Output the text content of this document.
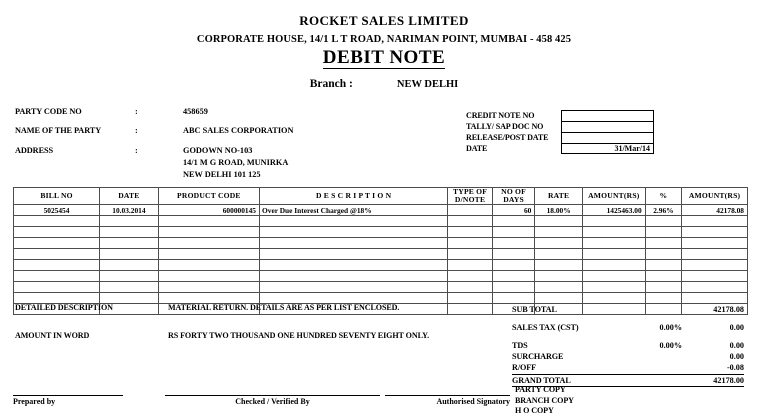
ROCKET SALES LIMITED
CORPORATE HOUSE, 14/1 L T ROAD, NARIMAN POINT, MUMBAI - 458 425
DEBIT NOTE
Branch :	NEW DELHI
PARTY CODE NO	:	458659
NAME OF THE PARTY	:	ABC SALES CORPORATION
ADDRESS	:	GODOWN NO-103
14/1 M G ROAD, MUNIRKA
NEW DELHI 101 125
CREDIT NOTE NO
TALLY/ SAP DOC NO
RELEASE/POST DATE
DATE	31/Mar/14
BILL NO	DATE	PRODUCT CODE	D E S C R I P T I O N	TYPE OF D/NOTE	NO OF DAYS	RATE	AMOUNT(RS)	%	AMOUNT(RS)
5025454	10.03.2014	600000145	Over Due Interest Charged @18%		60	18.00%	1425463.00	2.96%	42178.08

DETAILED DESCRIPTION	MATERIAL RETURN. DETAILS ARE AS PER LIST ENCLOSED.
AMOUNT IN WORD	RS FORTY TWO THOUSAND ONE HUNDRED SEVENTY EIGHT ONLY.
SUB TOTAL	42178.08
SALES TAX (CST)	0.00%	0.00
TDS	0.00%	0.00
SURCHARGE	0.00
R/OFF	-0.08
GRAND TOTAL	42178.00
Prepared by	Checked / Verified By	Authorised Signatory
PARTY COPY
BRANCH COPY
H O COPY
